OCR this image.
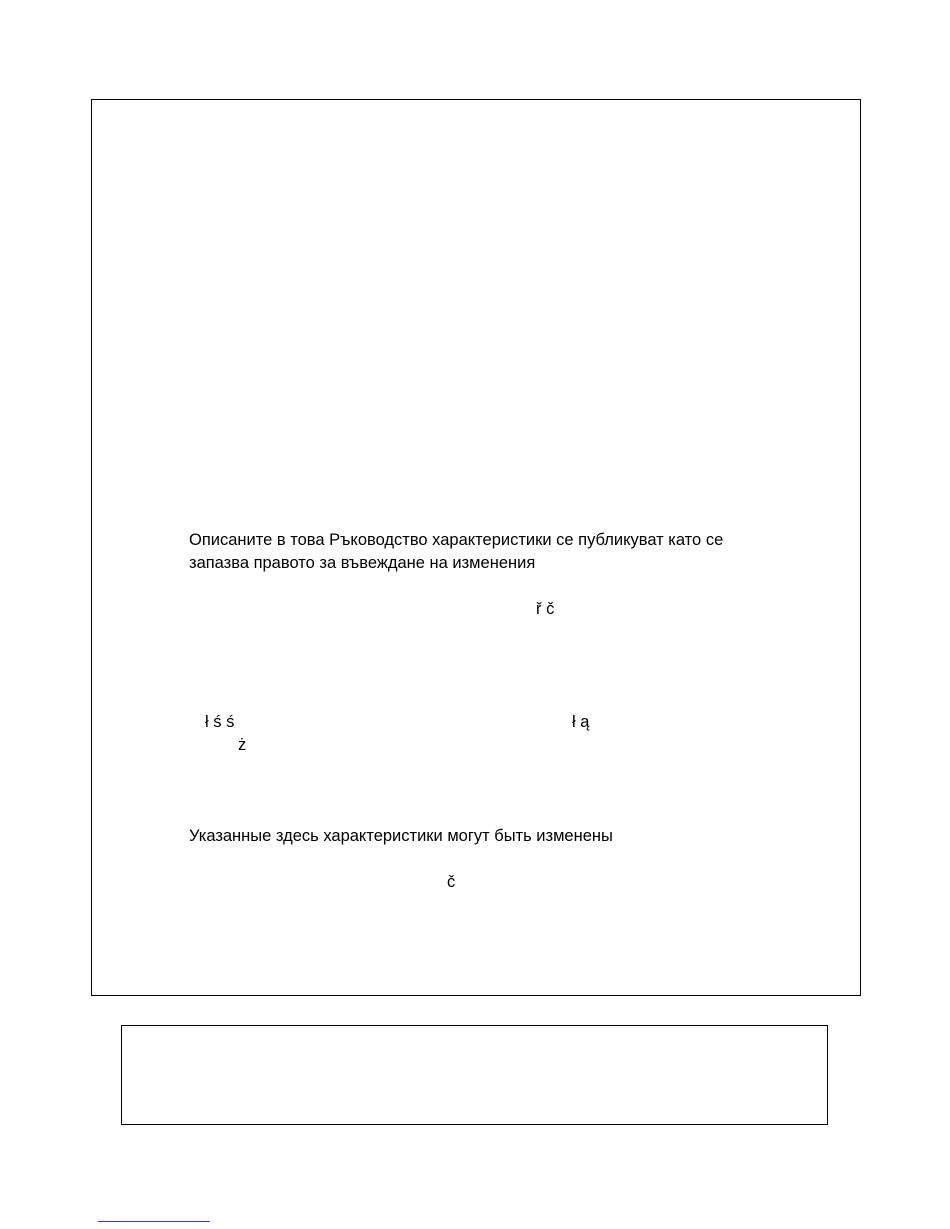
Описаните в това Ръководство характеристики се публикуват като се

запазва правото за въвеждане на изменения

ř č

ł ś ś	ł ą

ż

Указанные здесь характеристики могут быть изменены

č
